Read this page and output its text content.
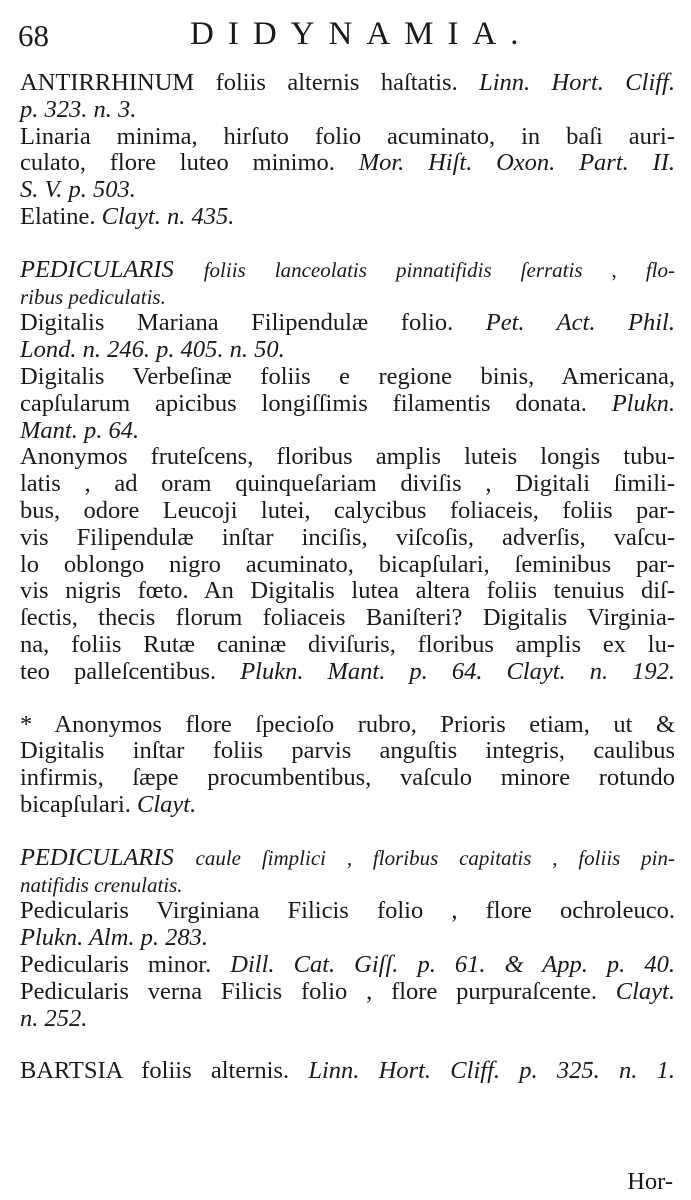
68	DIDYNAMIA.
ANTIRRHINUM foliis alternis haſtatis. Linn. Hort. Cliff.
p. 323. n. 3.
Linaria minima, hirſuto folio acuminato, in baſi auri-
culato, flore luteo minimo. Mor. Hiſt. Oxon. Part. II.
S. V. p. 503.
Elatine. Clayt. n. 435.
PEDICULARIS foliis lanceolatis pinnatifidis ſerratis , flo-
ribus pediculatis.
Digitalis Mariana Filipendulæ folio. Pet. Act. Phil.
Lond. n. 246. p. 405. n. 50.
Digitalis Verbeſinæ foliis e regione binis, Americana,
capſularum apicibus longiſſimis filamentis donata. Plukn.
Mant. p. 64.
Anonymos fruteſcens, floribus amplis luteis longis tubu-
latis , ad oram quinqueſariam diviſis , Digitali ſimili-
bus, odore Leucoji lutei, calycibus foliaceis, foliis par-
vis Filipendulæ inſtar inciſis, viſcoſis, adverſis, vaſcu-
lo oblongo nigro acuminato, bicapſulari, ſeminibus par-
vis nigris fœto. An Digitalis lutea altera foliis tenuius diſ-
ſectis, thecis florum foliaceis Baniſteri? Digitalis Virginia-
na, foliis Rutæ caninæ diviſuris, floribus amplis ex lu-
teo palleſcentibus. Plukn. Mant. p. 64. Clayt. n. 192.
* Anonymos flore ſpecioſo rubro, Prioris etiam, ut &
Digitalis inſtar foliis parvis anguſtis integris, caulibus
infirmis, ſæpe procumbentibus, vaſculo minore rotundo
bicapſulari. Clayt.
PEDICULARIS caule ſimplici , floribus capitatis , foliis pin-
natifidis crenulatis.
Pedicularis Virginiana Filicis folio , flore ochroleuco.
Plukn. Alm. p. 283.
Pedicularis minor. Dill. Cat. Giſſ. p. 61. & App. p. 40.
Pedicularis verna Filicis folio , flore purpuraſcente. Clayt.
n. 252.
BARTSIA foliis alternis. Linn. Hort. Cliff. p. 325. n. 1.
Hor-
